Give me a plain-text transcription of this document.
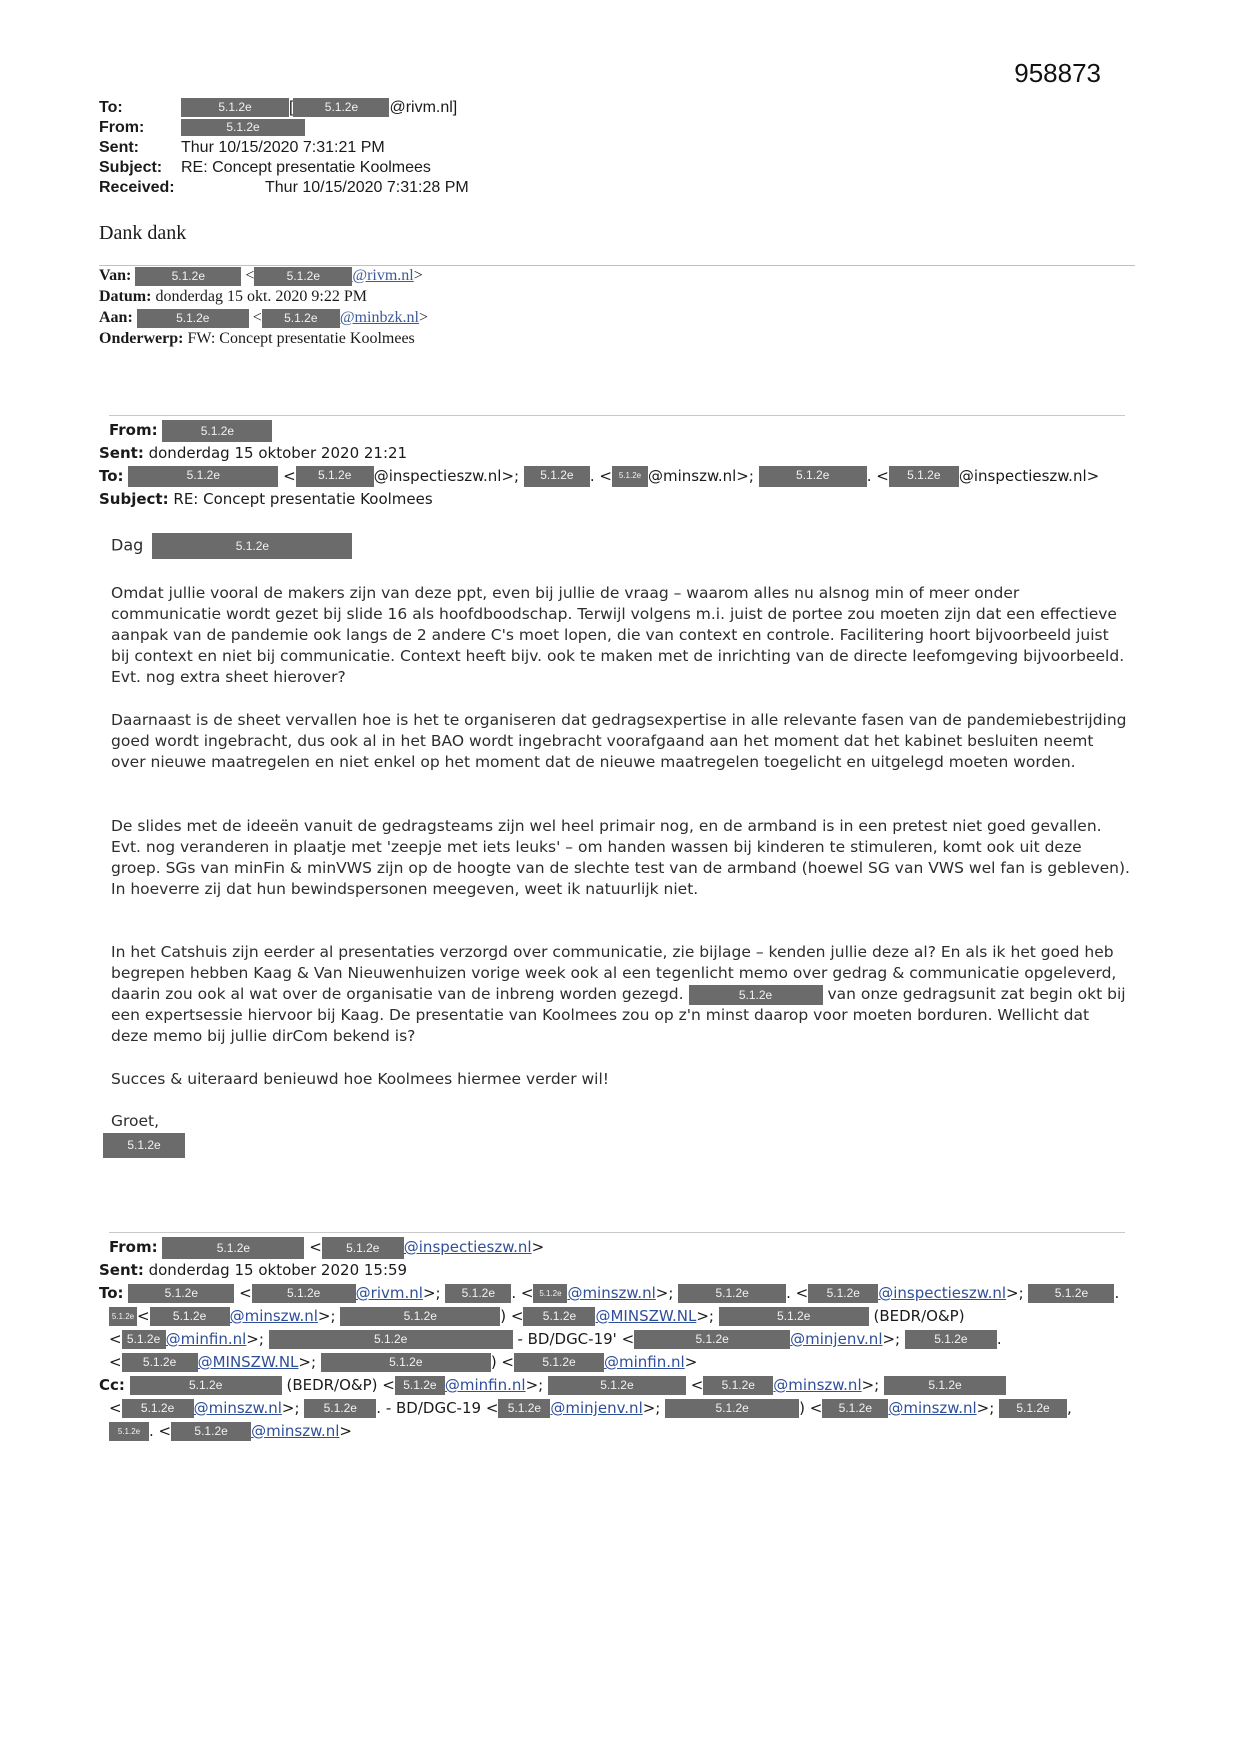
958873
To:	5.1.2e [	5.1.2e @rivm.nl]
From:	5.1.2e
Sent:	Thur 10/15/2020 7:31:21 PM
Subject: RE: Concept presentatie Koolmees
Received:	Thur 10/15/2020 7:31:28 PM
Dank dank
Van:	5.1.2e	<	5.1.2e @rivm.nl>
Datum: donderdag 15 okt. 2020 9:22 PM
Aan:	5.1.2e	< 5.1.2e @minbzk.nl>
Onderwerp: FW: Concept presentatie Koolmees
From:	5.1.2e
Sent: donderdag 15 oktober 2020 21:21
To:	5.1.2e	< 5.1.2e @inspectieszw.nl>; 5.1.2e . < 5.1.2e @minszw.nl>;	5.1.2e . < 5.1.2e @inspectieszw.nl>
Subject: RE: Concept presentatie Koolmees
Dag	5.1.2e

Omdat jullie vooral de makers zijn van deze ppt, even bij jullie de vraag – waarom alles nu alsnog min of meer onder communicatie wordt gezet bij slide 16 als hoofdboodschap. Terwijl volgens m.i. juist de portee zou moeten zijn dat een effectieve aanpak van de pandemie ook langs de 2 andere C's moet lopen, die van context en controle. Facilitering hoort bijvoorbeeld juist bij context en niet bij communicatie. Context heeft bijv. ook te maken met de inrichting van de directe leefomgeving bijvoorbeeld. Evt. nog extra sheet hierover?

Daarnaast is de sheet vervallen hoe is het te organiseren dat gedragsexpertise in alle relevante fasen van de pandemiebestrijding goed wordt ingebracht, dus ook al in het BAO wordt ingebracht voorafgaand aan het moment dat het kabinet besluiten neemt over nieuwe maatregelen en niet enkel op het moment dat de nieuwe maatregelen toegelicht en uitgelegd moeten worden.

De slides met de ideeën vanuit de gedragsteams zijn wel heel primair nog, en de armband is in een pretest niet goed gevallen. Evt. nog veranderen in plaatje met 'zeepje met iets leuks' – om handen wassen bij kinderen te stimuleren, komt ook uit deze groep. SGs van minFin & minVWS zijn op de hoogte van de slechte test van de armband (hoewel SG van VWS wel fan is gebleven). In hoeverre zij dat hun bewindspersonen meegeven, weet ik natuurlijk niet.

In het Catshuis zijn eerder al presentaties verzorgd over communicatie, zie bijlage – kenden jullie deze al? En als ik het goed heb begrepen hebben Kaag & Van Nieuwenhuizen vorige week ook al een tegenlicht memo over gedrag & communicatie opgeleverd, daarin zou ook al wat over de organisatie van de inbreng worden gezegd.	5.1.2e	van onze gedragsunit zat begin okt bij een expertsessie hiervoor bij Kaag. De presentatie van Koolmees zou op z'n minst daarop voor moeten borduren. Wellicht dat deze memo bij jullie dirCom bekend is?

Succes & uiteraard benieuwd hoe Koolmees hiermee verder wil!

Groet,

5.1.2e
From:	5.1.2e	< 5.1.2e @inspectieszw.nl>
Sent: donderdag 15 oktober 2020 15:59
To:	5.1.2e <	5.1.2e @rivm.nl>; 5.1.2e . < 5.1.2e @minszw.nl>;	5.1.2e . < 5.1.2e @inspectieszw.nl>; 5.1.2e .
5.1.2e < 5.1.2e @minszw.nl>;	5.1.2e	) < 5.1.2e @MINSZW.NL>;	5.1.2e	(BEDR/O&P)
< 5.1.2e @minfin.nl>;	5.1.2e	- BD/DGC-19' <	5.1.2e	@minjenv.nl>; 5.1.2e .
< 5.1.2e @MINSZW.NL>;	5.1.2e	) < 5.1.2e @minfin.nl>
Cc:	5.1.2e	(BEDR/O&P) < 5.1.2e @minfin.nl>;	5.1.2e	< 5.1.2e @minszw.nl>;	5.1.2e
< 5.1.2e @minszw.nl>; 5.1.2e . - BD/DGC-19 < 5.1.2e @minjenv.nl>;	5.1.2e	) < 5.1.2e @minszw.nl>; 5.1.2e ,
5.1.2e . < 5.1.2e @minszw.nl>
